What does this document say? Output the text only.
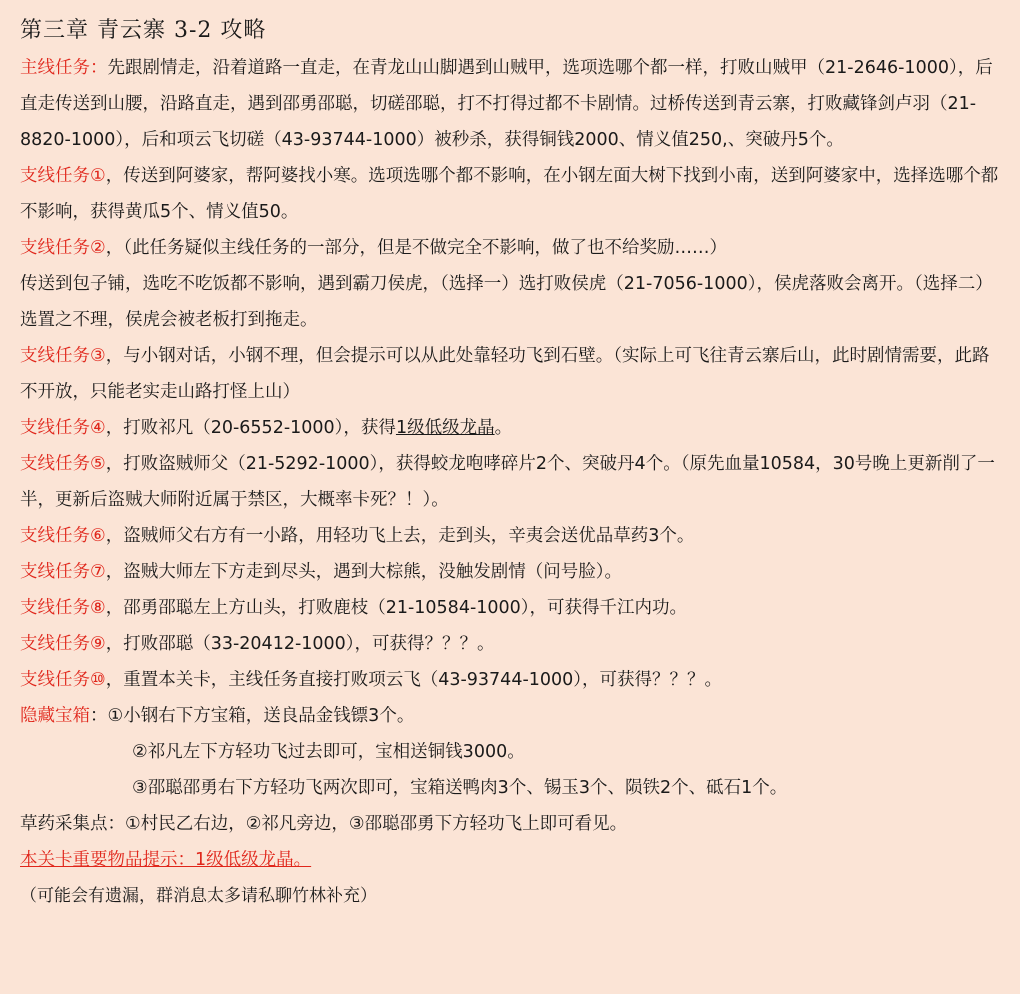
第三章 青云寨 3-2 攻略

主线任务：先跟剧情走，沿着道路一直走，在青龙山山脚遇到山贼甲，选项选哪个都一样，打败山贼甲（21-2646-1000），后直走传送到山腰，沿路直走，遇到邵勇邵聪，切磋邵聪，打不打得过都不卡剧情。过桥传送到青云寨，打败藏锋剑卢羽（21-8820-1000），后和项云飞切磋（43-93744-1000）被秒杀，获得铜钱2000、情义值250,、突破丹5个。

支线任务①，传送到阿婆家，帮阿婆找小寒。选项选哪个都不影响，在小钢左面大树下找到小南，送到阿婆家中，选择选哪个都不影响，获得黄瓜5个、情义值50。

支线任务②，（此任务疑似主线任务的一部分，但是不做完全不影响，做了也不给奖励……）

传送到包子铺，选吃不吃饭都不影响，遇到霸刀侯虎，（选择一）选打败侯虎（21-7056-1000），侯虎落败会离开。（选择二）选置之不理，侯虎会被老板打到拖走。

支线任务③，与小钢对话，小钢不理，但会提示可以从此处靠轻功飞到石壁。（实际上可飞往青云寨后山，此时剧情需要，此路不开放，只能老实走山路打怪上山）

支线任务④，打败祁凡（20-6552-1000），获得1级低级龙晶。

支线任务⑤，打败盗贼师父（21-5292-1000），获得蛟龙咆哮碎片2个、突破丹4个。（原先血量10584，30号晚上更新削了一半，更新后盗贼大师附近属于禁区，大概率卡死？！）。

支线任务⑥，盗贼师父右方有一小路，用轻功飞上去，走到头，辛夷会送优品草药3个。

支线任务⑦，盗贼大师左下方走到尽头，遇到大棕熊，没触发剧情（问号脸）。

支线任务⑧，邵勇邵聪左上方山头，打败鹿枝（21-10584-1000），可获得千江内功。

支线任务⑨，打败邵聪（33-20412-1000），可获得？？？。

支线任务⑩，重置本关卡，主线任务直接打败项云飞（43-93744-1000），可获得？？？。

隐藏宝箱：①小钢右下方宝箱，送良品金钱镖3个。

②祁凡左下方轻功飞过去即可，宝相送铜钱3000。

③邵聪邵勇右下方轻功飞两次即可，宝箱送鸭肉3个、锡玉3个、陨铁2个、砥石1个。

草药采集点：①村民乙右边，②祁凡旁边，③邵聪邵勇下方轻功飞上即可看见。

本关卡重要物品提示：1级低级龙晶。

（可能会有遗漏，群消息太多请私聊竹林补充）
